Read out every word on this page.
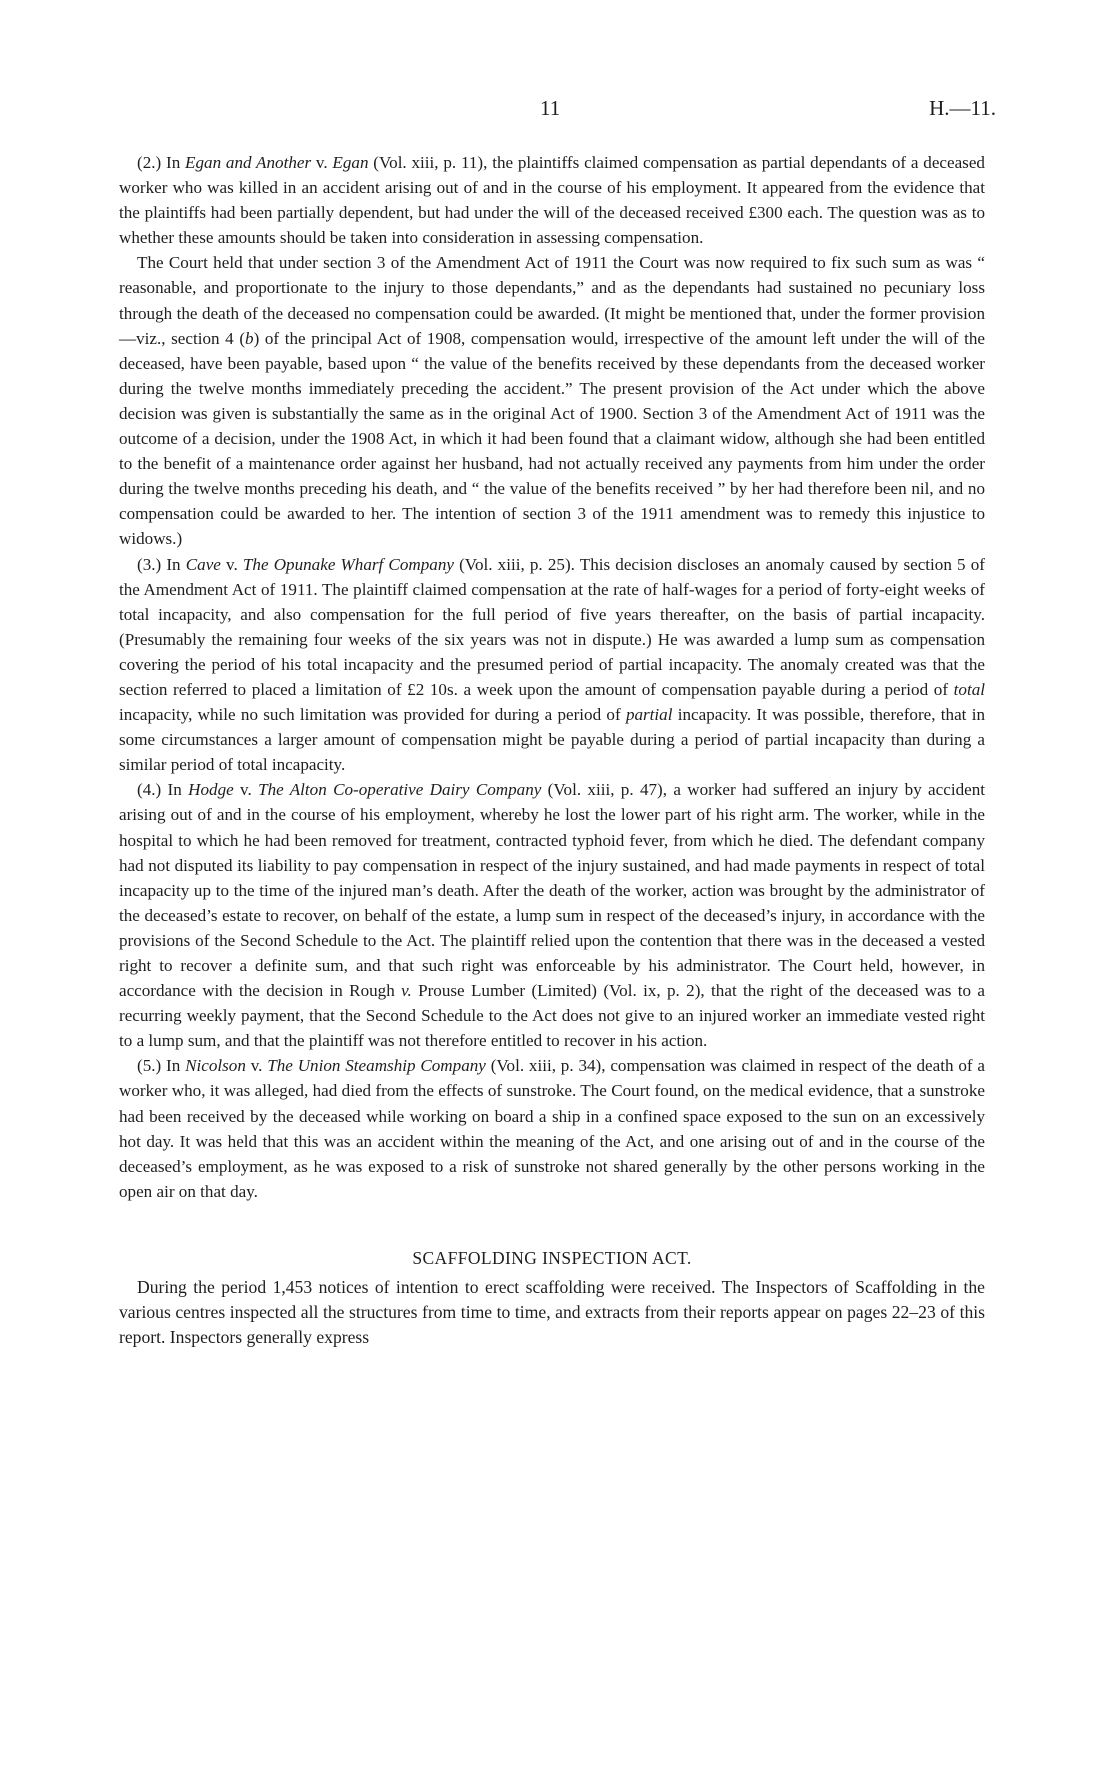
11	H.—11.

(2.) In Egan and Another v. Egan (Vol. xiii, p. 11), the plaintiffs claimed compensation as partial dependants of a deceased worker who was killed in an accident arising out of and in the course of his employment. It appeared from the evidence that the plaintiffs had been partially dependent, but had under the will of the deceased received £300 each. The question was as to whether these amounts should be taken into consideration in assessing compensation.

The Court held that under section 3 of the Amendment Act of 1911 the Court was now required to fix such sum as was “ reasonable, and proportionate to the injury to those dependants,” and as the dependants had sustained no pecuniary loss through the death of the deceased no compensation could be awarded. (It might be mentioned that, under the former provision—viz., section 4 (b) of the principal Act of 1908, compensation would, irrespective of the amount left under the will of the deceased, have been payable, based upon “ the value of the benefits received by these dependants from the deceased worker during the twelve months immediately preceding the accident.” The present provision of the Act under which the above decision was given is substantially the same as in the original Act of 1900. Section 3 of the Amendment Act of 1911 was the outcome of a decision, under the 1908 Act, in which it had been found that a claimant widow, although she had been entitled to the benefit of a maintenance order against her husband, had not actually received any payments from him under the order during the twelve months preceding his death, and “ the value of the benefits received ” by her had therefore been nil, and no compensation could be awarded to her. The intention of section 3 of the 1911 amendment was to remedy this injustice to widows.)

(3.) In Cave v. The Opunake Wharf Company (Vol. xiii, p. 25). This decision discloses an anomaly caused by section 5 of the Amendment Act of 1911. The plaintiff claimed compensation at the rate of half-wages for a period of forty-eight weeks of total incapacity, and also compensation for the full period of five years thereafter, on the basis of partial incapacity. (Presumably the remaining four weeks of the six years was not in dispute.) He was awarded a lump sum as compensation covering the period of his total incapacity and the presumed period of partial incapacity. The anomaly created was that the section referred to placed a limitation of £2 10s. a week upon the amount of compensation payable during a period of total incapacity, while no such limitation was provided for during a period of partial incapacity. It was possible, therefore, that in some circumstances a larger amount of compensation might be payable during a period of partial incapacity than during a similar period of total incapacity.

(4.) In Hodge v. The Alton Co-operative Dairy Company (Vol. xiii, p. 47), a worker had suffered an injury by accident arising out of and in the course of his employment, whereby he lost the lower part of his right arm. The worker, while in the hospital to which he had been removed for treatment, contracted typhoid fever, from which he died. The defendant company had not disputed its liability to pay compensation in respect of the injury sustained, and had made payments in respect of total incapacity up to the time of the injured man’s death. After the death of the worker, action was brought by the administrator of the deceased’s estate to recover, on behalf of the estate, a lump sum in respect of the deceased’s injury, in accordance with the provisions of the Second Schedule to the Act. The plaintiff relied upon the contention that there was in the deceased a vested right to recover a definite sum, and that such right was enforceable by his administrator. The Court held, however, in accordance with the decision in Rough v. Prouse Lumber (Limited) (Vol. ix, p. 2), that the right of the deceased was to a recurring weekly payment, that the Second Schedule to the Act does not give to an injured worker an immediate vested right to a lump sum, and that the plaintiff was not therefore entitled to recover in his action.

(5.) In Nicolson v. The Union Steamship Company (Vol. xiii, p. 34), compensation was claimed in respect of the death of a worker who, it was alleged, had died from the effects of sunstroke. The Court found, on the medical evidence, that a sunstroke had been received by the deceased while working on board a ship in a confined space exposed to the sun on an excessively hot day. It was held that this was an accident within the meaning of the Act, and one arising out of and in the course of the deceased’s employment, as he was exposed to a risk of sunstroke not shared generally by the other persons working in the open air on that day.

SCAFFOLDING INSPECTION ACT.

During the period 1,453 notices of intention to erect scaffolding were received. The Inspectors of Scaffolding in the various centres inspected all the structures from time to time, and extracts from their reports appear on pages 22–23 of this report. Inspectors generally express
